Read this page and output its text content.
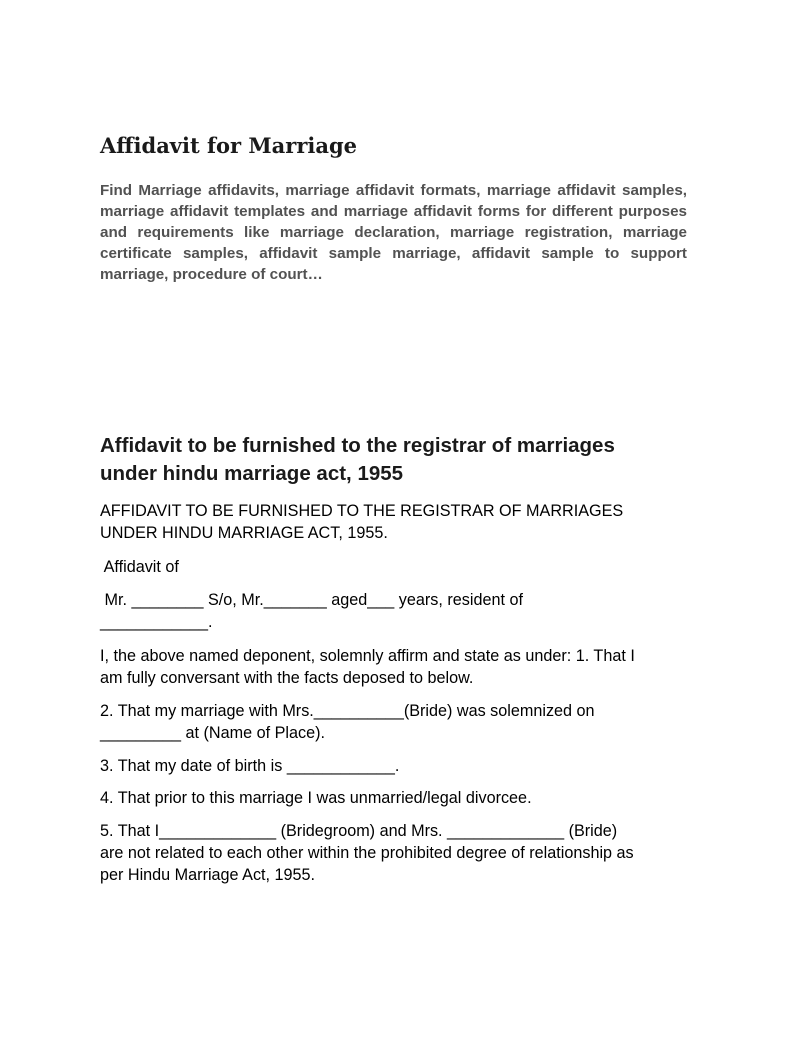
Affidavit for Marriage

Find Marriage affidavits, marriage affidavit formats, marriage affidavit samples, marriage affidavit templates and marriage affidavit forms for different purposes and requirements like marriage declaration, marriage registration, marriage certificate samples, affidavit sample marriage, affidavit sample to support marriage, procedure of court…

Affidavit to be furnished to the registrar of marriages
under hindu marriage act, 1955
AFFIDAVIT TO BE FURNISHED TO THE REGISTRAR OF MARRIAGES
UNDER HINDU MARRIAGE ACT, 1955.
Affidavit of
Mr. ________ S/o, Mr._______ aged___ years, resident of
____________.
I, the above named deponent, solemnly affirm and state as under: 1. That I
am fully conversant with the facts deposed to below.
2. That my marriage with Mrs.__________(Bride) was solemnized on
_________ at (Name of Place).
3. That my date of birth is ____________.
4. That prior to this marriage I was unmarried/legal divorcee.
5. That I_____________ (Bridegroom) and Mrs. _____________ (Bride)
are not related to each other within the prohibited degree of relationship as
per Hindu Marriage Act, 1955.
